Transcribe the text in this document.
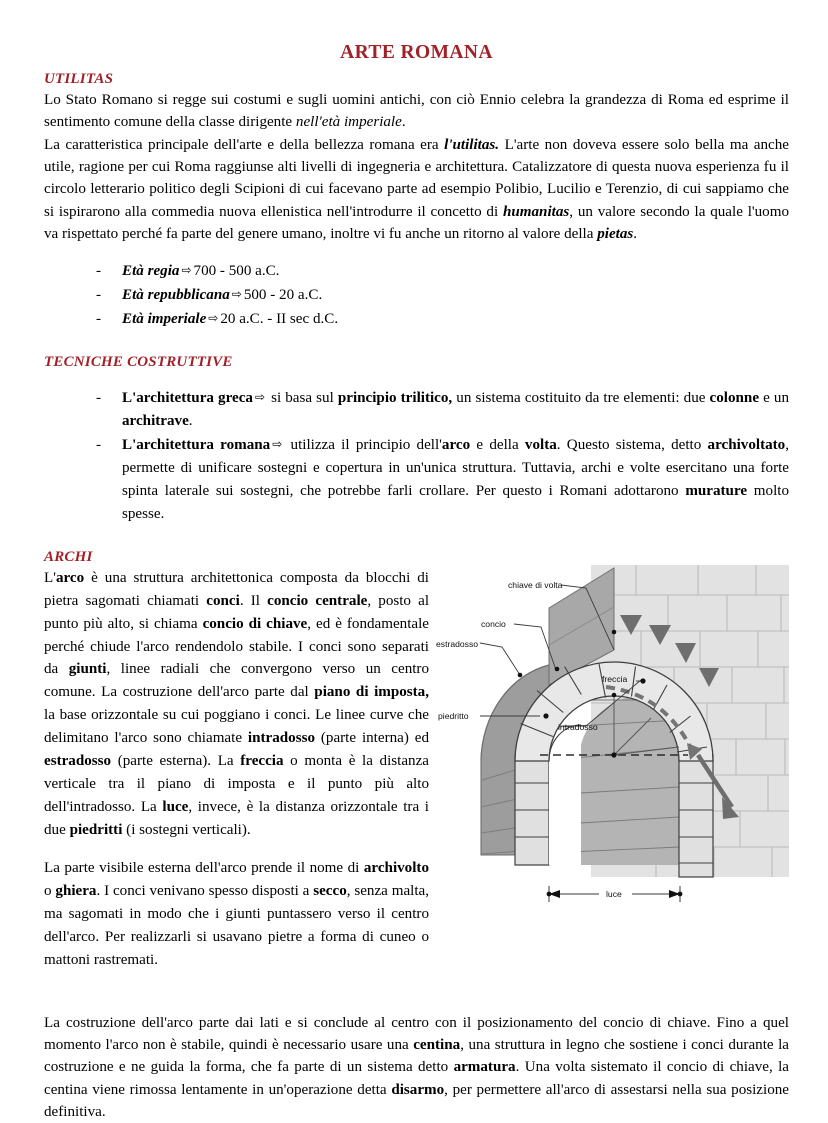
ARTE ROMANA
UTILITAS

Lo Stato Romano si regge sui costumi e sugli uomini antichi, con ciò Ennio celebra la grandezza di Roma ed esprime il sentimento comune della classe dirigente nell'età imperiale.

La caratteristica principale dell'arte e della bellezza romana era l'utilitas. L'arte non doveva essere solo bella ma anche utile, ragione per cui Roma raggiunse alti livelli di ingegneria e architettura. Catalizzatore di questa nuova esperienza fu il circolo letterario politico degli Scipioni di cui facevano parte ad esempio Polibio, Lucilio e Terenzio, di cui sappiamo che si ispirarono alla commedia nuova ellenistica nell'introdurre il concetto di humanitas, un valore secondo la quale l'uomo va rispettato perché fa parte del genere umano, inoltre vi fu anche un ritorno al valore della pietas.

- Età regia ⇨ 700 - 500 a.C.
- Età repubblicana ⇨ 500 - 20 a.C.
- Età imperiale ⇨ 20 a.C. - II sec d.C.
TECNICHE COSTRUTTIVE
- L'architettura greca ⇨ si basa sul principio trilitico, un sistema costituito da tre elementi: due colonne e un architrave.
- L'architettura romana ⇨ utilizza il principio dell'arco e della volta. Questo sistema, detto archivoltato, permette di unificare sostegni e copertura in un'unica struttura. Tuttavia, archi e volte esercitano una forte spinta laterale sui sostegni, che potrebbe farli crollare. Per questo i Romani adottarono murature molto spesse.
ARCHI

L'arco è una struttura architettonica composta da blocchi di pietra sagomati chiamati conci. Il concio centrale, posto al punto più alto, si chiama concio di chiave, ed è fondamentale perché chiude l'arco rendendolo stabile. I conci sono separati da giunti, linee radiali che convergono verso un centro comune. La costruzione dell'arco parte dal piano di imposta, la base orizzontale su cui poggiano i conci. Le linee curve che delimitano l'arco sono chiamate intradosso (parte interna) ed estradosso (parte esterna). La freccia o monta è la distanza verticale tra il piano di imposta e il punto più alto dell'intradosso. La luce, invece, è la distanza orizzontale tra i due piedritti (i sostegni verticali).

La parte visibile esterna dell'arco prende il nome di archivolto o ghiera. I conci venivano spesso disposti a secco, senza malta, ma sagomati in modo che i giunti puntassero verso il centro dell'arco. Per realizzarli si usavano pietre a forma di cuneo o mattoni rastremati.

chiave di volta
concio
estradosso
piedritto
intradosso
freccia
luce

La costruzione dell'arco parte dai lati e si conclude al centro con il posizionamento del concio di chiave. Fino a quel momento l'arco non è stabile, quindi è necessario usare una centina, una struttura in legno che sostiene i conci durante la costruzione e ne guida la forma, che fa parte di un sistema detto armatura. Una volta sistemato il concio di chiave, la centina viene rimossa lentamente in un'operazione detta disarmo, per permettere all'arco di assestarsi nella sua posizione definitiva.
